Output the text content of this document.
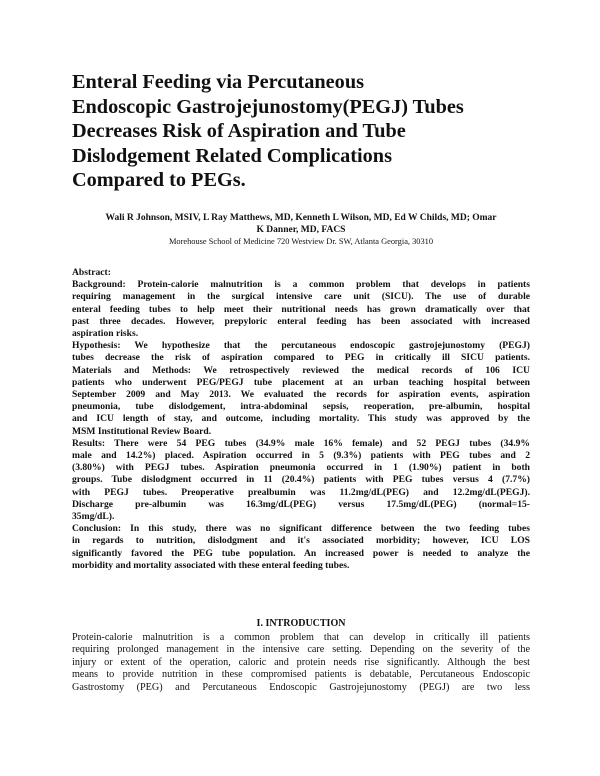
Enteral Feeding via Percutaneous
Endoscopic Gastrojejunostomy(PEGJ) Tubes
Decreases Risk of Aspiration and Tube
Dislodgement Related Complications
Compared to PEGs.
Wali R Johnson, MSIV, L Ray Matthews, MD, Kenneth L Wilson, MD, Ed W Childs, MD; Omar
K Danner, MD, FACS
Morehouse School of Medicine 720 Westview Dr. SW, Atlanta Georgia, 30310
Abstract:
Background: Protein-calorie malnutrition is a common problem that develops in patients
requiring management in the surgical intensive care unit (SICU). The use of durable
enteral feeding tubes to help meet their nutritional needs has grown dramatically over that
past three decades. However, prepyloric enteral feeding has been associated with increased
aspiration risks.
Hypothesis: We hypothesize that the percutaneous endoscopic gastrojejunostomy (PEGJ)
tubes decrease the risk of aspiration compared to PEG in critically ill SICU patients.
Materials and Methods: We retrospectively reviewed the medical records of 106 ICU
patients who underwent PEG/PEGJ tube placement at an urban teaching hospital between
September 2009 and May 2013. We evaluated the records for aspiration events, aspiration
pneumonia, tube dislodgement, intra-abdominal sepsis, reoperation, pre-albumin, hospital
and ICU length of stay, and outcome, including mortality. This study was approved by the
MSM Institutional Review Board.
Results: There were 54 PEG tubes (34.9% male 16% female) and 52 PEGJ tubes (34.9%
male and 14.2%) placed. Aspiration occurred in 5 (9.3%) patients with PEG tubes and 2
(3.80%) with PEGJ tubes. Aspiration pneumonia occurred in 1 (1.90%) patient in both
groups. Tube dislodgment occurred in 11 (20.4%) patients with PEG tubes versus 4 (7.7%)
with PEGJ tubes. Preoperative prealbumin was 11.2mg/dL(PEG) and 12.2mg/dL(PEGJ).
Discharge pre-albumin was 16.3mg/dL(PEG) versus 17.5mg/dL(PEG) (normal=15-
35mg/dL).
Conclusion: In this study, there was no significant difference between the two feeding tubes
in regards to nutrition, dislodgment and it's associated morbidity; however, ICU LOS
significantly favored the PEG tube population. An increased power is needed to analyze the
morbidity and mortality associated with these enteral feeding tubes.
I. INTRODUCTION
Protein-calorie malnutrition is a common problem that can develop in critically ill patients
requiring prolonged management in the intensive care setting. Depending on the severity of the
injury or extent of the operation, caloric and protein needs rise significantly. Although the best
means to provide nutrition in these compromised patients is debatable, Percutaneous Endoscopic
Gastrostomy (PEG) and Percutaneous Endoscopic Gastrojejunostomy (PEGJ) are two less
